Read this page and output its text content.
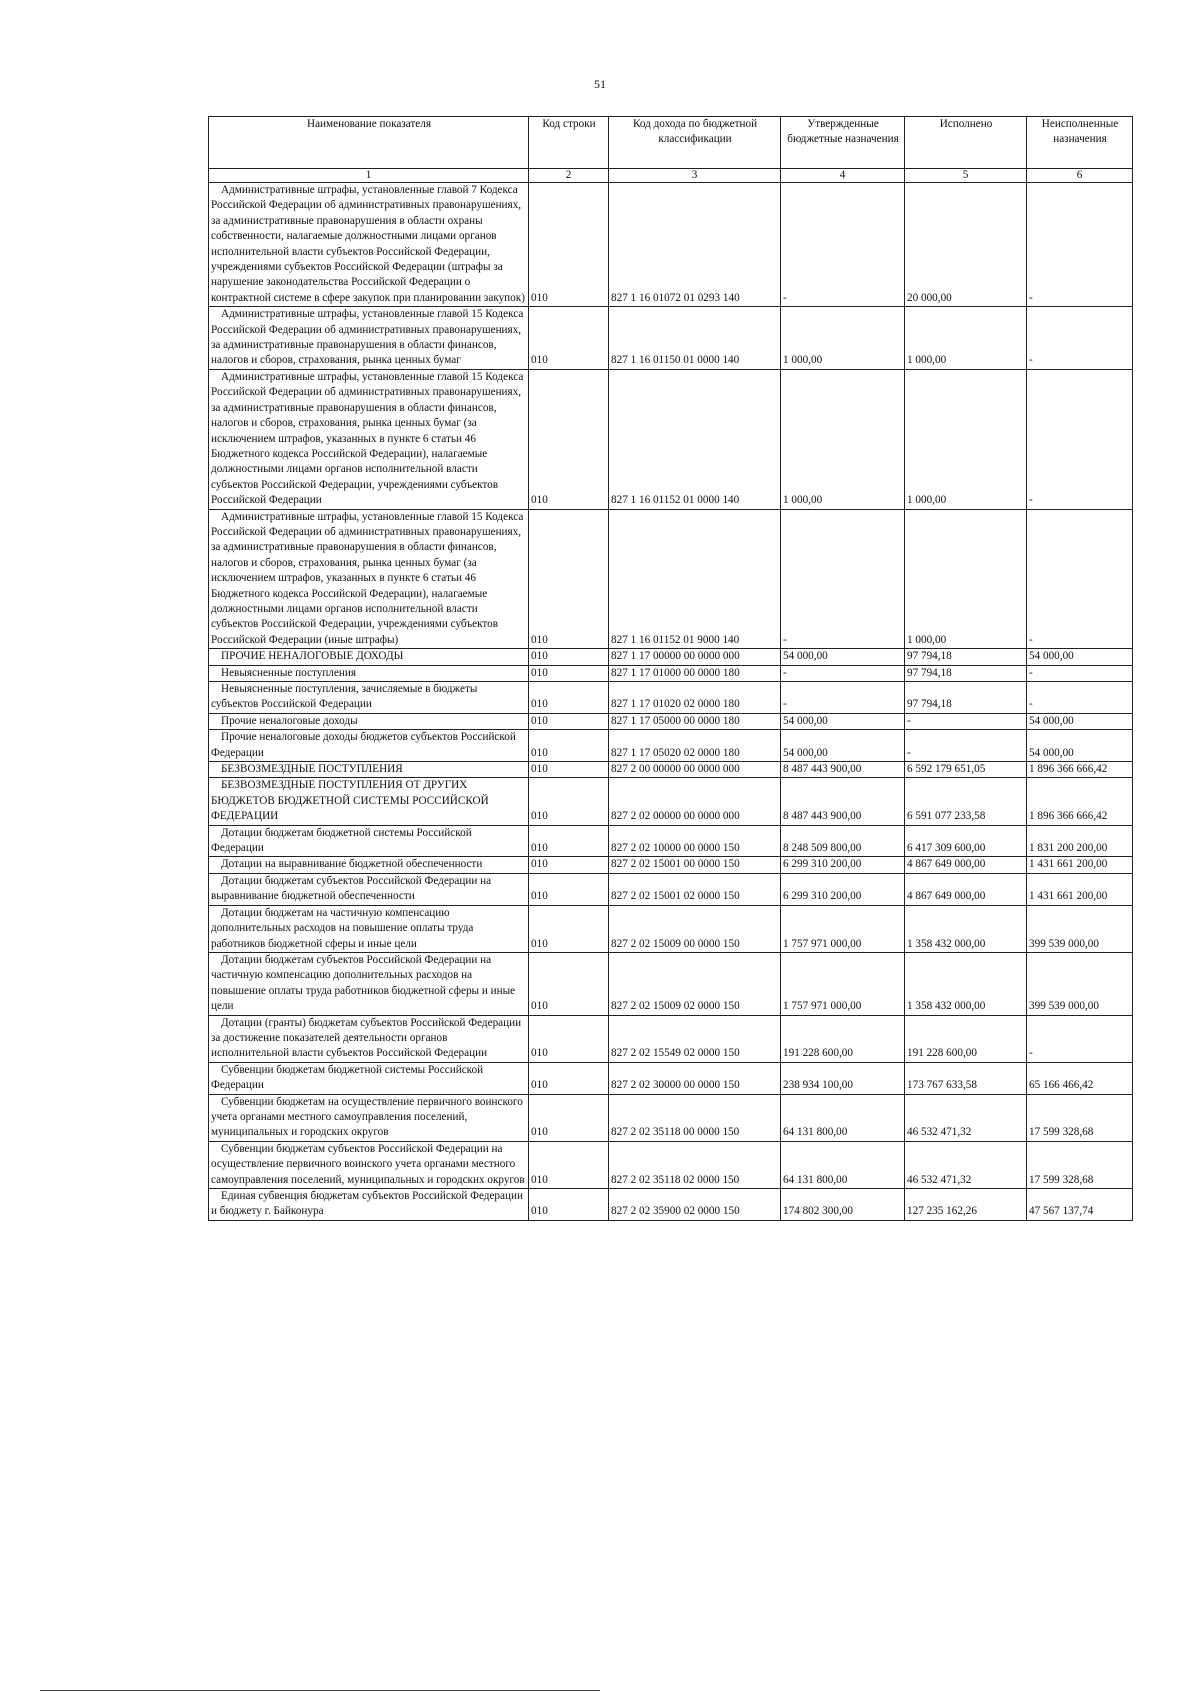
51
Наименование показателя	Код строки	Код дохода по бюджетной классификации	Утвержденные бюджетные назначения	Исполнено	Неисполненные назначения
1	2	3	4	5	6
Административные штрафы, установленные главой 7 Кодекса Российской Федерации об административных правонарушениях, за административные правонарушения в области охраны собственности, налагаемые должностными лицами органов исполнительной власти субъектов Российской Федерации, учреждениями субъектов Российской Федерации (штрафы за нарушение законодательства Российской Федерации о контрактной системе в сфере закупок при планировании закупок)	010	827 1 16 01072 01 0293 140	-	20 000,00	-
Административные штрафы, установленные главой 15 Кодекса Российской Федерации об административных правонарушениях, за административные правонарушения в области финансов, налогов и сборов, страхования, рынка ценных бумаг	010	827 1 16 01150 01 0000 140	1 000,00	1 000,00	-
Административные штрафы, установленные главой 15 Кодекса Российской Федерации об административных правонарушениях, за административные правонарушения в области финансов, налогов и сборов, страхования, рынка ценных бумаг (за исключением штрафов, указанных в пункте 6 статьи 46 Бюджетного кодекса Российской Федерации), налагаемые должностными лицами органов исполнительной власти субъектов Российской Федерации, учреждениями субъектов Российской Федерации	010	827 1 16 01152 01 0000 140	1 000,00	1 000,00	-
Административные штрафы, установленные главой 15 Кодекса Российской Федерации об административных правонарушениях, за административные правонарушения в области финансов, налогов и сборов, страхования, рынка ценных бумаг (за исключением штрафов, указанных в пункте 6 статьи 46 Бюджетного кодекса Российской Федерации), налагаемые должностными лицами органов исполнительной власти субъектов Российской Федерации, учреждениями субъектов Российской Федерации (иные штрафы)	010	827 1 16 01152 01 9000 140	-	1 000,00	-
ПРОЧИЕ НЕНАЛОГОВЫЕ ДОХОДЫ	010	827 1 17 00000 00 0000 000	54 000,00	97 794,18	54 000,00
Невыясненные поступления	010	827 1 17 01000 00 0000 180	-	97 794,18	-
Невыясненные поступления, зачисляемые в бюджеты субъектов Российской Федерации	010	827 1 17 01020 02 0000 180	-	97 794,18	-
Прочие неналоговые доходы	010	827 1 17 05000 00 0000 180	54 000,00	-	54 000,00
Прочие неналоговые доходы бюджетов субъектов Российской Федерации	010	827 1 17 05020 02 0000 180	54 000,00	-	54 000,00
БЕЗВОЗМЕЗДНЫЕ ПОСТУПЛЕНИЯ	010	827 2 00 00000 00 0000 000	8 487 443 900,00	6 592 179 651,05	1 896 366 666,42
БЕЗВОЗМЕЗДНЫЕ ПОСТУПЛЕНИЯ ОТ ДРУГИХ БЮДЖЕТОВ БЮДЖЕТНОЙ СИСТЕМЫ РОССИЙСКОЙ ФЕДЕРАЦИИ	010	827 2 02 00000 00 0000 000	8 487 443 900,00	6 591 077 233,58	1 896 366 666,42
Дотации бюджетам бюджетной системы Российской Федерации	010	827 2 02 10000 00 0000 150	8 248 509 800,00	6 417 309 600,00	1 831 200 200,00
Дотации на выравнивание бюджетной обеспеченности	010	827 2 02 15001 00 0000 150	6 299 310 200,00	4 867 649 000,00	1 431 661 200,00
Дотации бюджетам субъектов Российской Федерации на выравнивание бюджетной обеспеченности	010	827 2 02 15001 02 0000 150	6 299 310 200,00	4 867 649 000,00	1 431 661 200,00
Дотации бюджетам на частичную компенсацию дополнительных расходов на повышение оплаты труда работников бюджетной сферы и иные цели	010	827 2 02 15009 00 0000 150	1 757 971 000,00	1 358 432 000,00	399 539 000,00
Дотации бюджетам субъектов Российской Федерации на частичную компенсацию дополнительных расходов на повышение оплаты труда работников бюджетной сферы и иные цели	010	827 2 02 15009 02 0000 150	1 757 971 000,00	1 358 432 000,00	399 539 000,00
Дотации (гранты) бюджетам субъектов Российской Федерации за достижение показателей деятельности органов исполнительной власти субъектов Российской Федерации	010	827 2 02 15549 02 0000 150	191 228 600,00	191 228 600,00	-
Субвенции бюджетам бюджетной системы Российской Федерации	010	827 2 02 30000 00 0000 150	238 934 100,00	173 767 633,58	65 166 466,42
Субвенции бюджетам на осуществление первичного воинского учета органами местного самоуправления поселений, муниципальных и городских округов	010	827 2 02 35118 00 0000 150	64 131 800,00	46 532 471,32	17 599 328,68
Субвенции бюджетам субъектов Российской Федерации на осуществление первичного воинского учета органами местного самоуправления поселений, муниципальных и городских округов	010	827 2 02 35118 02 0000 150	64 131 800,00	46 532 471,32	17 599 328,68
Единая субвенция бюджетам субъектов Российской Федерации и бюджету г. Байконура	010	827 2 02 35900 02 0000 150	174 802 300,00	127 235 162,26	47 567 137,74
